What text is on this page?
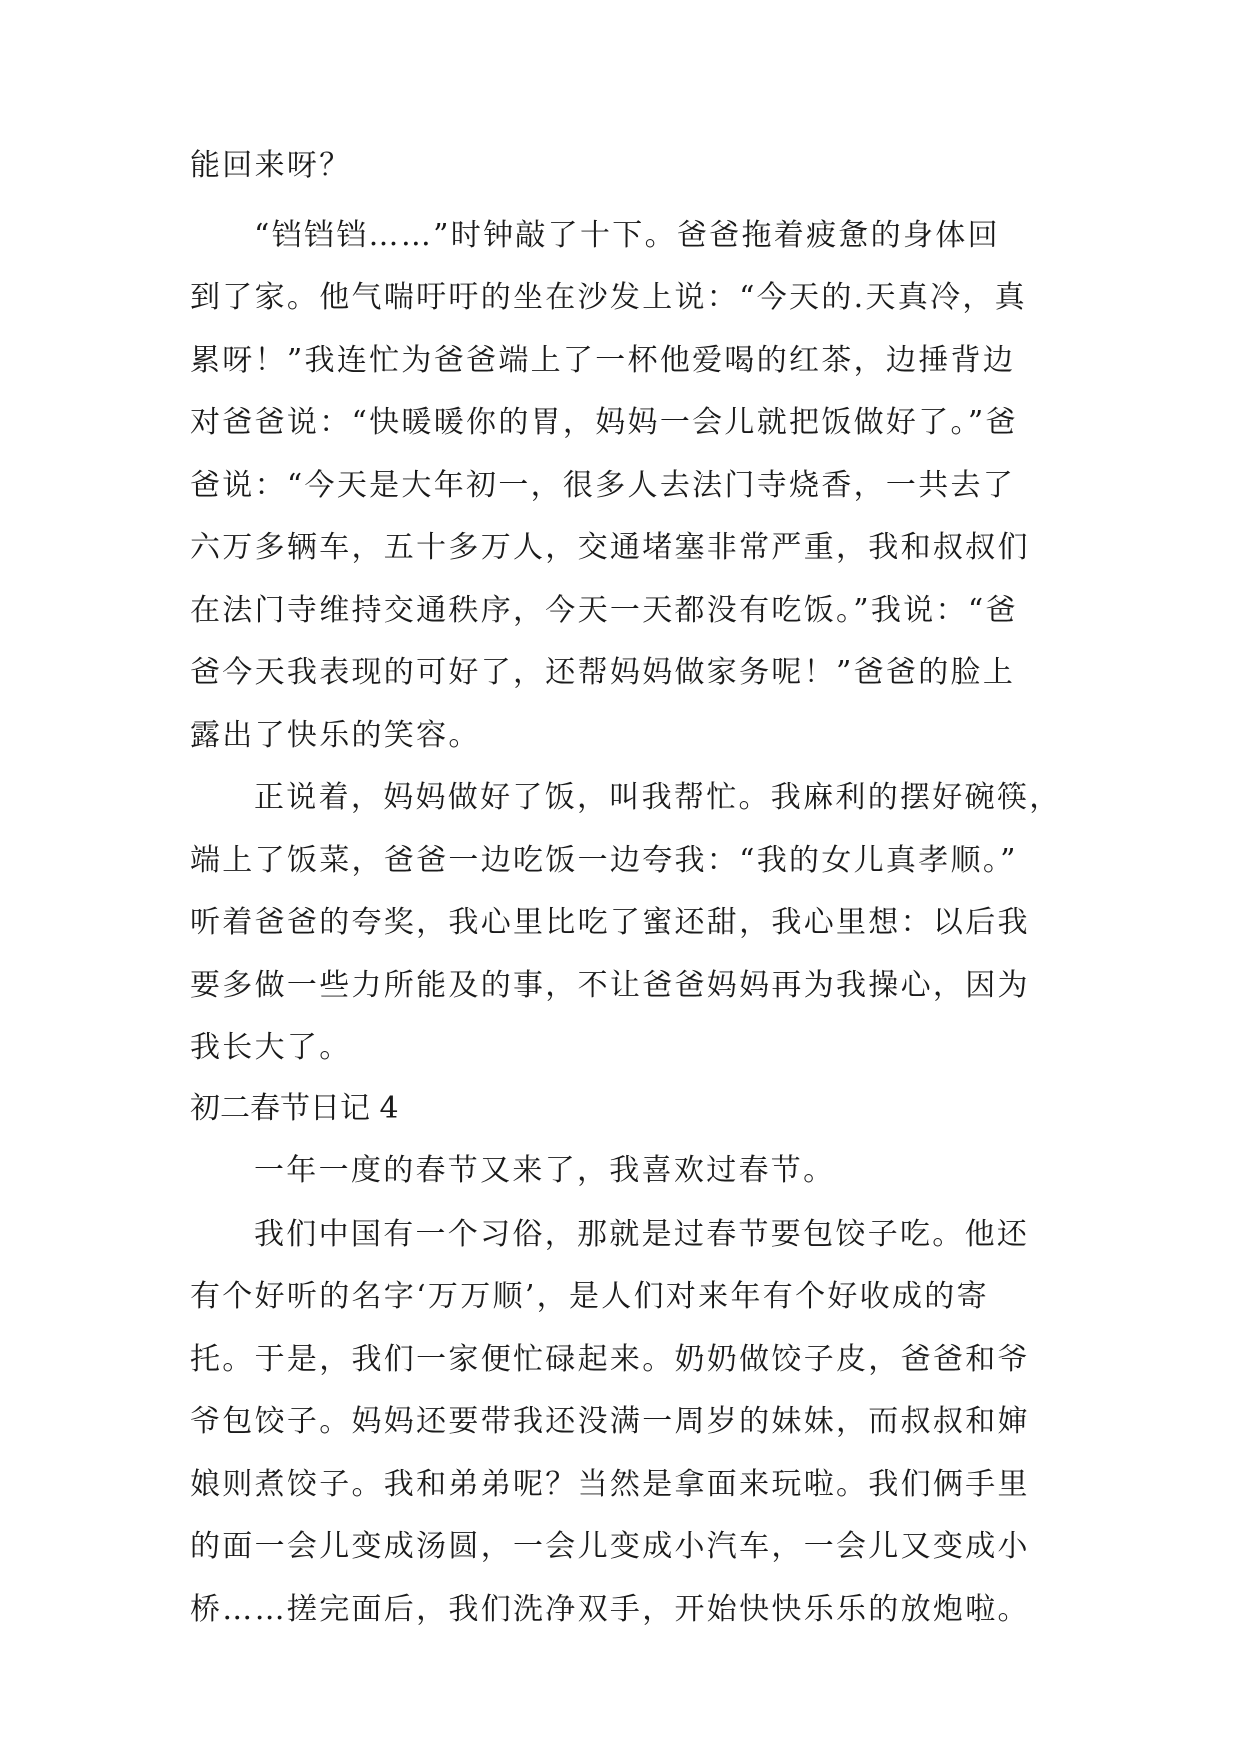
能回来呀？
“铛铛铛……”时钟敲了十下。爸爸拖着疲惫的身体回
到了家。他气喘吁吁的坐在沙发上说：“今天的.天真冷，真
累呀！”我连忙为爸爸端上了一杯他爱喝的红茶，边捶背边
对爸爸说：“快暖暖你的胃，妈妈一会儿就把饭做好了。”爸
爸说：“今天是大年初一，很多人去法门寺烧香，一共去了
六万多辆车，五十多万人，交通堵塞非常严重，我和叔叔们
在法门寺维持交通秩序，今天一天都没有吃饭。”我说：“爸
爸今天我表现的可好了，还帮妈妈做家务呢！”爸爸的脸上
露出了快乐的笑容。
正说着，妈妈做好了饭，叫我帮忙。我麻利的摆好碗筷，
端上了饭菜，爸爸一边吃饭一边夸我：“我的女儿真孝顺。”
听着爸爸的夸奖，我心里比吃了蜜还甜，我心里想：以后我
要多做一些力所能及的事，不让爸爸妈妈再为我操心，因为
我长大了。
初二春节日记 4
一年一度的春节又来了，我喜欢过春节。
我们中国有一个习俗，那就是过春节要包饺子吃。他还
有个好听的名字‘万万顺’，是人们对来年有个好收成的寄
托。于是，我们一家便忙碌起来。奶奶做饺子皮，爸爸和爷
爷包饺子。妈妈还要带我还没满一周岁的妹妹，而叔叔和婶
娘则煮饺子。我和弟弟呢？当然是拿面来玩啦。我们俩手里
的面一会儿变成汤圆，一会儿变成小汽车，一会儿又变成小
桥……搓完面后，我们洗净双手，开始快快乐乐的放炮啦。
